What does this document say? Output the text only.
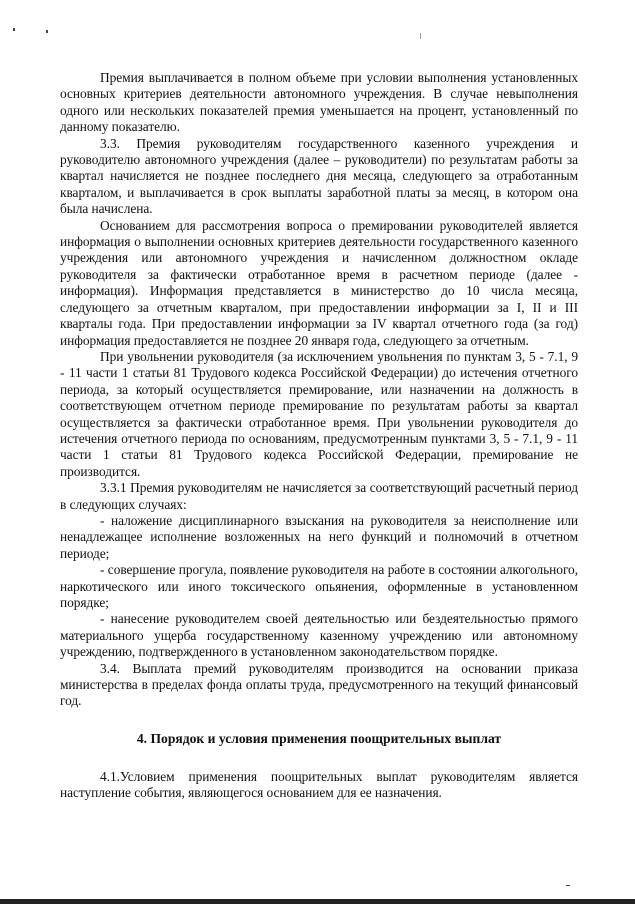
Премия выплачивается в полном объеме при условии выполнения установленных основных критериев деятельности автономного учреждения. В случае невыполнения одного или нескольких показателей премия уменьшается на процент, установленный по данному показателю.

3.3. Премия руководителям государственного казенного учреждения и руководителю автономного учреждения (далее – руководители) по результатам работы за квартал начисляется не позднее последнего дня месяца, следующего за отработанным кварталом, и выплачивается в срок выплаты заработной платы за месяц, в котором она была начислена.

Основанием для рассмотрения вопроса о премировании руководителей является информация о выполнении основных критериев деятельности государственного казенного учреждения или автономного учреждения и начисленном должностном окладе руководителя за фактически отработанное время в расчетном периоде (далее - информация). Информация представляется в министерство до 10 числа месяца, следующего за отчетным кварталом, при предоставлении информации за I, II и III кварталы года. При предоставлении информации за IV квартал отчетного года (за год) информация предоставляется не позднее 20 января года, следующего за отчетным.

При увольнении руководителя (за исключением увольнения по пунктам 3, 5 - 7.1, 9 - 11 части 1 статьи 81 Трудового кодекса Российской Федерации) до истечения отчетного периода, за который осуществляется премирование, или назначении на должность в соответствующем отчетном периоде премирование по результатам работы за квартал осуществляется за фактически отработанное время. При увольнении руководителя до истечения отчетного периода по основаниям, предусмотренным пунктами 3, 5 - 7.1, 9 - 11 части 1 статьи 81 Трудового кодекса Российской Федерации, премирование не производится.

3.3.1 Премия руководителям не начисляется за соответствующий расчетный период в следующих случаях:

- наложение дисциплинарного взыскания на руководителя за неисполнение или ненадлежащее исполнение возложенных на него функций и полномочий в отчетном периоде;

- совершение прогула, появление руководителя на работе в состоянии алкогольного, наркотического или иного токсического опьянения, оформленные в установленном порядке;

- нанесение руководителем своей деятельностью или бездеятельностью прямого материального ущерба государственному казенному учреждению или автономному учреждению, подтвержденного в установленном законодательством порядке.

3.4. Выплата премий руководителям производится на основании приказа министерства в пределах фонда оплаты труда, предусмотренного на текущий финансовый год.

4. Порядок и условия применения поощрительных выплат

4.1.Условием применения поощрительных выплат руководителям является наступление события, являющегося основанием для ее назначения.
